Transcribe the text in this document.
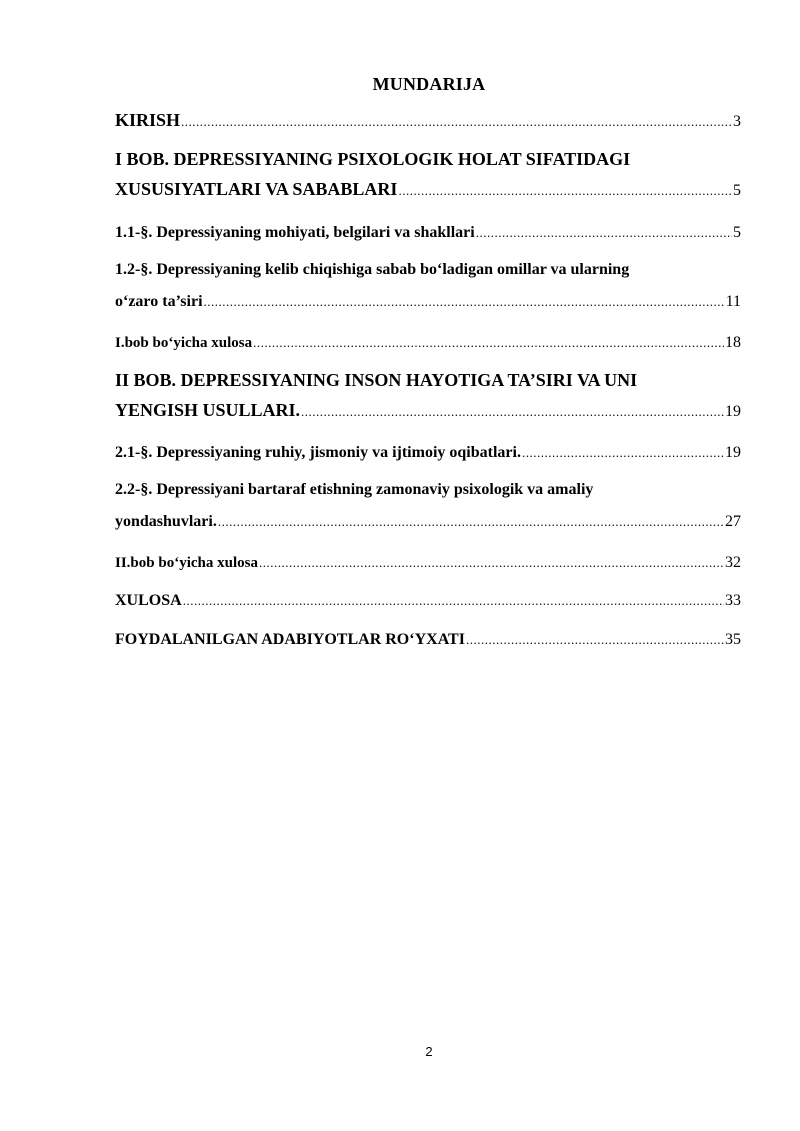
MUNDARIJA
KIRISH .....	3
I BOB. DEPRESSIYANING PSIXOLOGIK HOLAT SIFATIDAGI
XUSUSIYATLARI VA SABABLARI .....	5
1.1-§. Depressiyaning mohiyati, belgilari va shakllari .....	5
1.2-§. Depressiyaning kelib chiqishiga sabab bo‘ladigan omillar va ularning
o‘zaro ta’siri .....	11
I.bob bo‘yicha xulosa .....	18
II BOB. DEPRESSIYANING INSON HAYOTIGA TA’SIRI VA UNI
YENGISH USULLARI. .....	19
2.1-§. Depressiyaning ruhiy, jismoniy va ijtimoiy oqibatlari. .....	19
2.2-§. Depressiyani bartaraf etishning zamonaviy psixologik va amaliy
yondashuvlari. .....	27
II.bob bo‘yicha xulosa .....	32
XULOSA .....	33
FOYDALANILGAN ADABIYOTLAR RO‘YXATI .....	35
2
